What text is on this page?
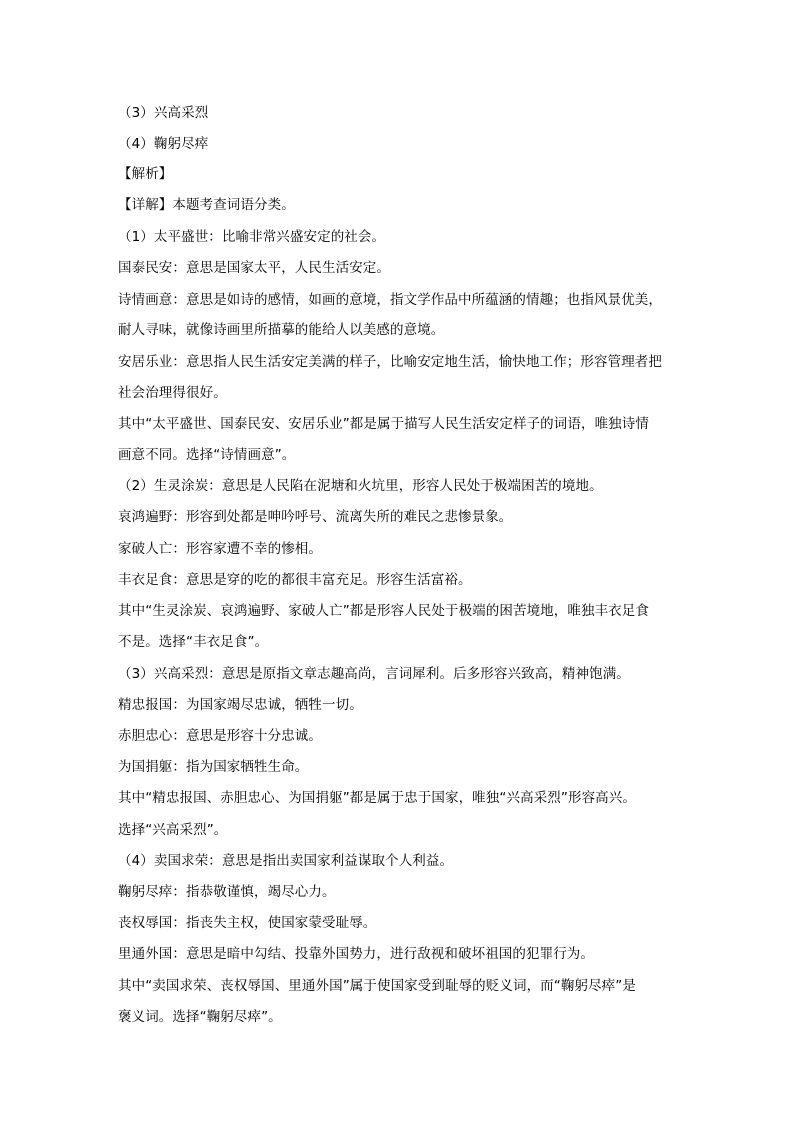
（3）兴高采烈
（4）鞠躬尽瘁
【解析】
【详解】本题考查词语分类。
（1）太平盛世：比喻非常兴盛安定的社会。
国泰民安：意思是国家太平，人民生活安定。
诗情画意：意思是如诗的感情，如画的意境，指文学作品中所蕴涵的情趣；也指风景优美，
耐人寻味，就像诗画里所描摹的能给人以美感的意境。
安居乐业：意思指人民生活安定美满的样子，比喻安定地生活，愉快地工作；形容管理者把
社会治理得很好。
其中“太平盛世、国泰民安、安居乐业”都是属于描写人民生活安定样子的词语，唯独诗情
画意不同。选择“诗情画意”。
（2）生灵涂炭：意思是人民陷在泥塘和火坑里，形容人民处于极端困苦的境地。
哀鸿遍野：形容到处都是呻吟呼号、流离失所的难民之悲惨景象。
家破人亡：形容家遭不幸的惨相。
丰衣足食：意思是穿的吃的都很丰富充足。形容生活富裕。
其中“生灵涂炭、哀鸿遍野、家破人亡”都是形容人民处于极端的困苦境地，唯独丰衣足食
不是。选择“丰衣足食”。
（3）兴高采烈：意思是原指文章志趣高尚，言词犀利。后多形容兴致高，精神饱满。
精忠报国：为国家竭尽忠诚，牺牲一切。
赤胆忠心：意思是形容十分忠诚。
为国捐躯：指为国家牺牲生命。
其中“精忠报国、赤胆忠心、为国捐躯”都是属于忠于国家，唯独“兴高采烈”形容高兴。
选择“兴高采烈”。
（4）卖国求荣：意思是指出卖国家利益谋取个人利益。
鞠躬尽瘁：指恭敬谨慎，竭尽心力。
丧权辱国：指丧失主权，使国家蒙受耻辱。
里通外国：意思是暗中勾结、投靠外国势力，进行敌视和破坏祖国的犯罪行为。
其中“卖国求荣、丧权辱国、里通外国”属于使国家受到耻辱的贬义词，而“鞠躬尽瘁”是
褒义词。选择“鞠躬尽瘁”。
